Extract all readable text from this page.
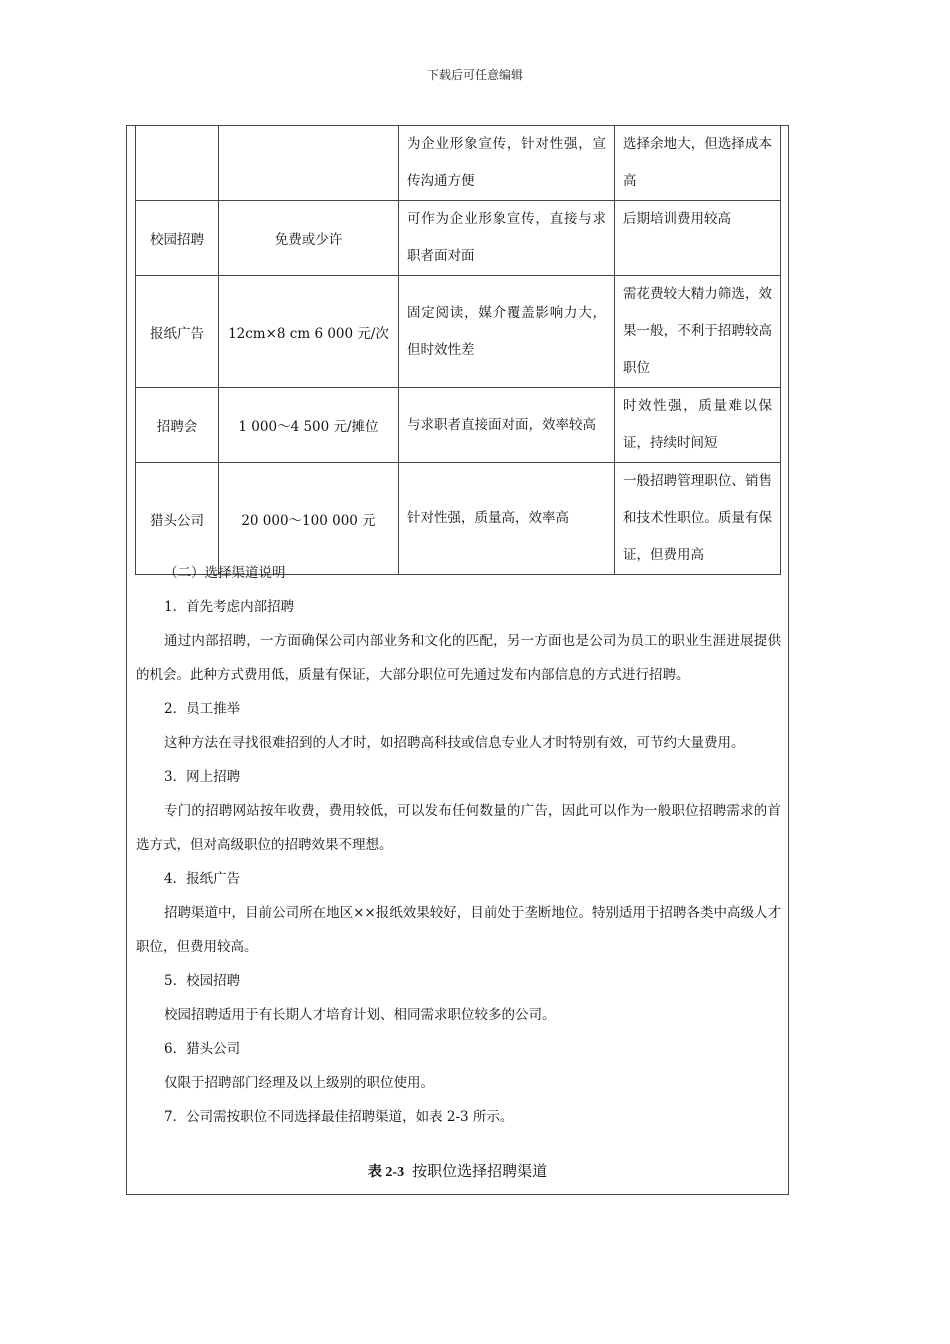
下载后可任意编辑
		为企业形象宣传，针对性强，宣传沟通方便	选择余地大，但选择成本高
校园招聘	免费或少许	可作为企业形象宣传，直接与求职者面对面	后期培训费用较高
报纸广告	12cm×8 cm 6 000 元/次	固定阅读，媒介覆盖影响力大，但时效性差	需花费较大精力筛选，效果一般，不利于招聘较高职位
招聘会	1 000～4 500 元/摊位	与求职者直接面对面，效率较高	时效性强，质量难以保证，持续时间短
猎头公司	20 000～100 000 元	针对性强，质量高，效率高	一般招聘管理职位、销售和技术性职位。质量有保证，但费用高

（二）选择渠道说明

1．首先考虑内部招聘

通过内部招聘，一方面确保公司内部业务和文化的匹配，另一方面也是公司为员工的职业生涯进展提供的机会。此种方式费用低，质量有保证，大部分职位可先通过发布内部信息的方式进行招聘。

2．员工推举

这种方法在寻找很难招到的人才时，如招聘高科技或信息专业人才时特别有效，可节约大量费用。

3．网上招聘

专门的招聘网站按年收费，费用较低，可以发布任何数量的广告，因此可以作为一般职位招聘需求的首选方式，但对高级职位的招聘效果不理想。

4．报纸广告

招聘渠道中，目前公司所在地区××报纸效果较好，目前处于垄断地位。特别适用于招聘各类中高级人才职位，但费用较高。

5．校园招聘

校园招聘适用于有长期人才培育计划、相同需求职位较多的公司。

6．猎头公司

仅限于招聘部门经理及以上级别的职位使用。

7．公司需按职位不同选择最佳招聘渠道，如表 2-3 所示。

表 2-3 按职位选择招聘渠道
